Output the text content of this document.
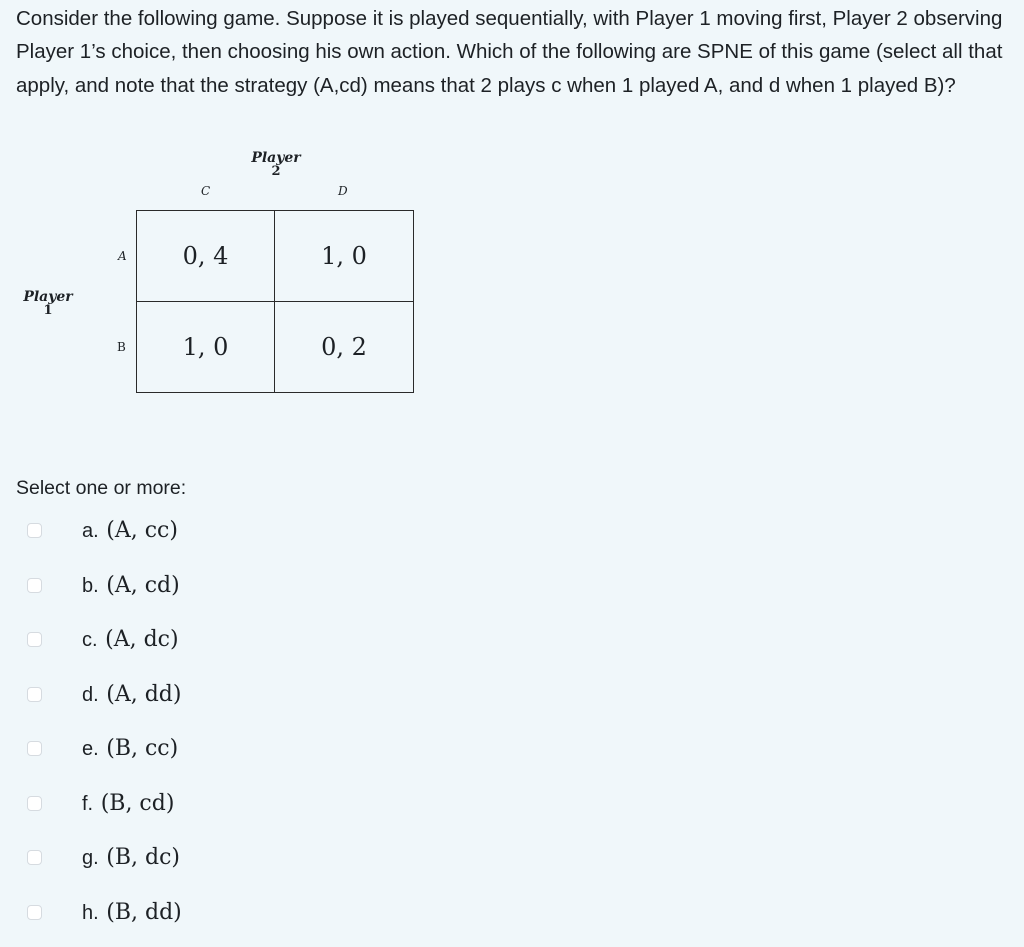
Consider the following game. Suppose it is played sequentially, with Player 1 moving first, Player 2 observing Player 1’s choice, then choosing his own action. Which of the following are SPNE of this game (select all that apply, and note that the strategy (A,cd) means that 2 plays c when 1 played A, and d when 1 played B)?
Player
2
C	D
Player
1
A
B
0, 4	1, 0
1, 0	0, 2
Select one or more:
a. (A, cc)
b. (A, cd)
c. (A, dc)
d. (A, dd)
e. (B, cc)
f. (B, cd)
g. (B, dc)
h. (B, dd)
